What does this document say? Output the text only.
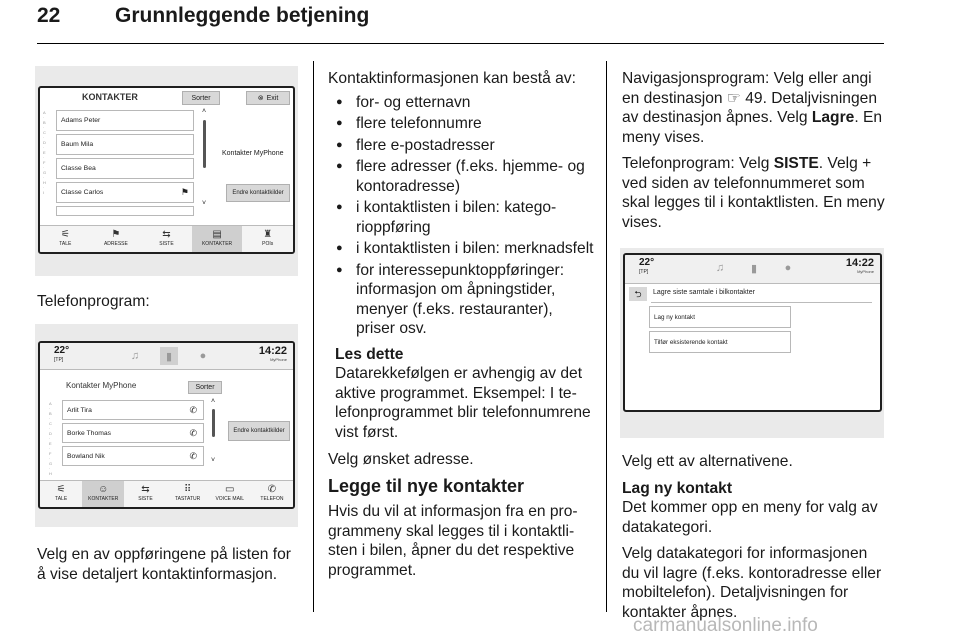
22	Grunnleggende betjening
KONTAKTER	Sorter	⊗ Exit
A
·
B
·
C
·
D
·
E
·
F
·
G
·
H
·
I
Adams Peter
Baum Mila
Classe Bea
Classe Carlos	⚑
˄
˅
Kontakter MyPhone
Endre kontaktkilder
⚟
TALE
⚑
ADRESSE
⇆
SISTE
▤
KONTAKTER
♜
POIs
Telefonprogram:
22°
[TP]	♫	▮	●	14:22
MyPhone
Kontakter MyPhone	Sorter
A
·
B
·
C
·
D
·
E
·
F
·
G
·
H
Arlit Tira	✆
Borke Thomas	✆
Bowland Nik	✆
˄
˅
Endre kontaktkilder
⚟
TALE
☺
KONTAKTER
⇆
SISTE
⠿
TASTATUR
▭
VOICE MAIL
✆
TELEFON
Velg en av oppføringene på listen for å vise detaljert kontaktinformasjon.

Kontaktinformasjonen kan bestå av:

● for- og etternavn
● flere telefonnumre
● flere e-postadresser
● flere adresser (f.eks. hjemme- og kontoradresse)
● i kontaktlisten i bilen: kategorioppføring
● i kontaktlisten i bilen: merknadsfelt
● for interessepunktoppføringer: informasjon om åpningstider, menyer (f.eks. restauranter), priser osv.
Les dette
Datarekkefølgen er avhengig av det aktive programmet. Eksempel: I telefonprogrammet blir telefonnumrene vist først.

Velg ønsket adresse.

Legge til nye kontakter

Hvis du vil at informasjon fra en programmeny skal legges til i kontaktlisten i bilen, åpner du det respektive programmet.

Navigasjonsprogram: Velg eller angi en destinasjon ☞ 49. Detaljvisningen av destinasjon åpnes. Velg Lagre. En meny vises.

Telefonprogram: Velg SISTE. Velg + ved siden av telefonnummeret som skal legges til i kontaktlisten. En meny vises.

22°
[TP]	♫	▮	●	14:22
MyPhone
⮌	Lagre siste samtale i bilkontakter
Lag ny kontakt
Tilfør eksisterende kontakt

Velg ett av alternativene.

Lag ny kontakt

Det kommer opp en meny for valg av datakategori.

Velg datakategori for informasjonen du vil lagre (f.eks. kontoradresse eller mobiltelefon). Detaljvisningen for kontakter åpnes.

carmanualsonline.info
